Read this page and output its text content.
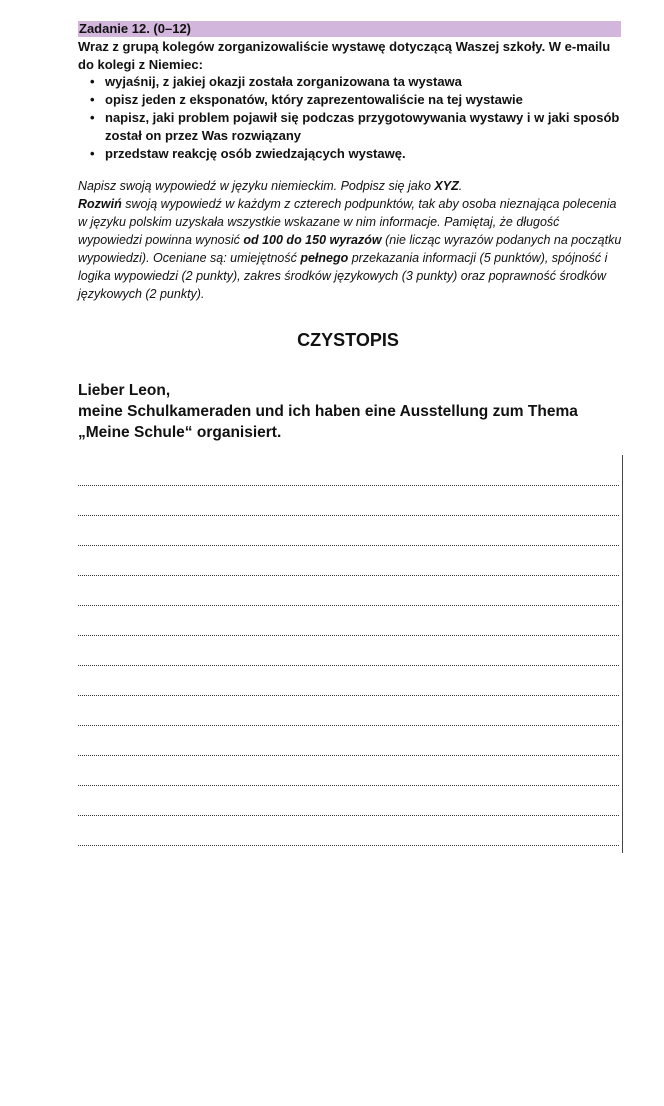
Zadanie 12. (0–12)
Wraz z grupą kolegów zorganizowaliście wystawę dotyczącą Waszej szkoły. W e-mailu do kolegi z Niemiec:
• wyjaśnij, z jakiej okazji została zorganizowana ta wystawa
• opisz jeden z eksponatów, który zaprezentowaliście na tej wystawie
• napisz, jaki problem pojawił się podczas przygotowywania wystawy i w jaki sposób został on przez Was rozwiązany
• przedstaw reakcję osób zwiedzających wystawę.

Napisz swoją wypowiedź w języku niemieckim. Podpisz się jako XYZ.

Rozwiń swoją wypowiedź w każdym z czterech podpunktów, tak aby osoba nieznająca polecenia w języku polskim uzyskała wszystkie wskazane w nim informacje. Pamiętaj, że długość wypowiedzi powinna wynosić od 100 do 150 wyrazów (nie licząc wyrazów podanych na początku wypowiedzi). Oceniane są: umiejętność pełnego przekazania informacji (5 punktów), spójność i logika wypowiedzi (2 punkty), zakres środków językowych (3 punkty) oraz poprawność środków językowych (2 punkty).

CZYSTOPIS
Lieber Leon,
meine Schulkameraden und ich haben eine Ausstellung zum Thema
„Meine Schule“ organisiert.
